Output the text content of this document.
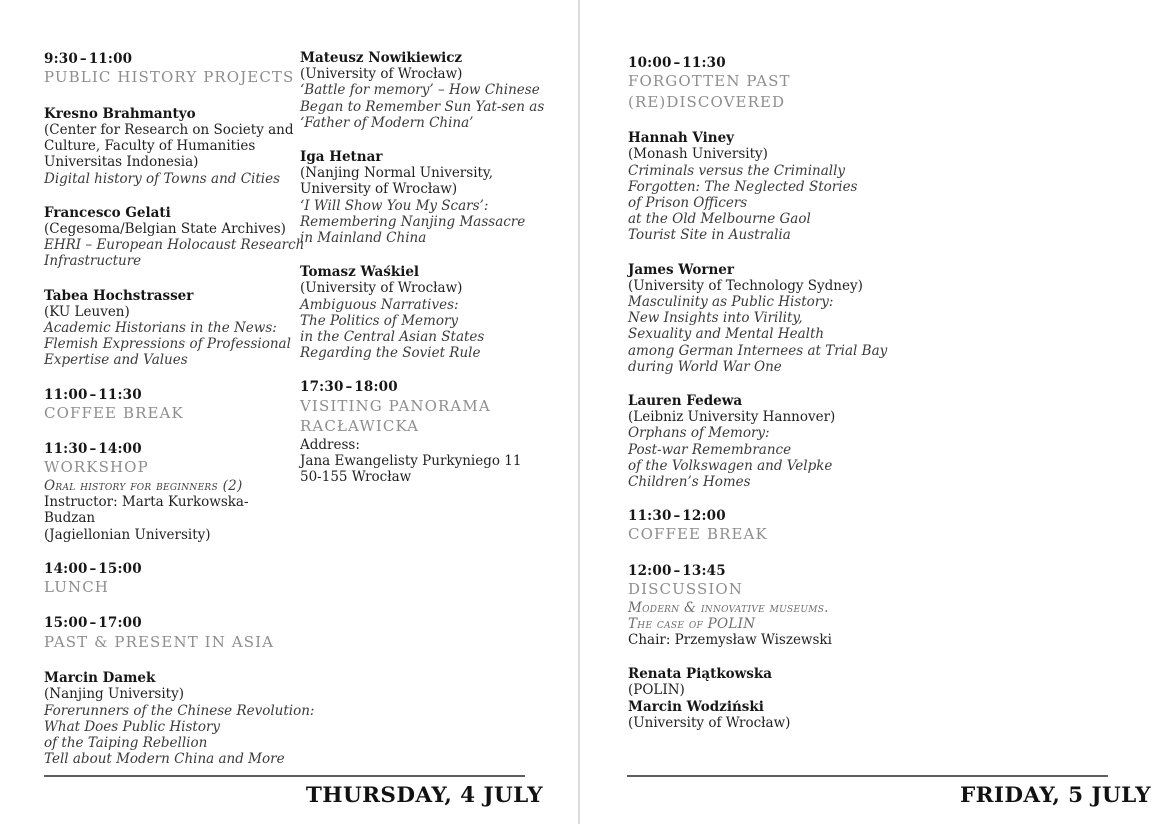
9:30 – 11:00
PUBLIC HISTORY PROJECTS
Kresno Brahmantyo
(Center for Research on Society and
Culture, Faculty of Humanities
Universitas Indonesia)
Digital history of Towns and Cities
Francesco Gelati
(Cegesoma/Belgian State Archives)
EHRI – European Holocaust Research
Infrastructure
Tabea Hochstrasser
(KU Leuven)
Academic Historians in the News:
Flemish Expressions of Professional
Expertise and Values
11:00 – 11:30
COFFEE BREAK
11:30 – 14:00
WORKSHOP
Oral history for beginners (2)
Instructor: Marta Kurkowska-
Budzan
(Jagiellonian University)
14:00 – 15:00
LUNCH
15:00 – 17:00
PAST & PRESENT IN ASIA
Marcin Damek
(Nanjing University)
Forerunners of the Chinese Revolution:
What Does Public History
of the Taiping Rebellion
Tell about Modern China and More
Mateusz Nowikiewicz
(University of Wrocław)
‘Battle for memory’ – How Chinese
Began to Remember Sun Yat-sen as
‘Father of Modern China’
Iga Hetnar
(Nanjing Normal University,
University of Wrocław)
‘I Will Show You My Scars’:
Remembering Nanjing Massacre
in Mainland China
Tomasz Waśkiel
(University of Wrocław)
Ambiguous Narratives:
The Politics of Memory
in the Central Asian States
Regarding the Soviet Rule
17:30 – 18:00
VISITING PANORAMA
RACŁAWICKA
Address:
Jana Ewangelisty Purkyniego 11
50-155 Wrocław
10:00 – 11:30
FORGOTTEN PAST
(RE)DISCOVERED
Hannah Viney
(Monash University)
Criminals versus the Criminally
Forgotten: The Neglected Stories
of Prison Officers
at the Old Melbourne Gaol
Tourist Site in Australia
James Worner
(University of Technology Sydney)
Masculinity as Public History:
New Insights into Virility,
Sexuality and Mental Health
among German Internees at Trial Bay
during World War One
Lauren Fedewa
(Leibniz University Hannover)
Orphans of Memory:
Post-war Remembrance
of the Volkswagen and Velpke
Children’s Homes
11:30 – 12:00
COFFEE BREAK
12:00 – 13:45
DISCUSSION
Modern & innovative museums.
The case of POLIN
Chair: Przemysław Wiszewski
Renata Piątkowska
(POLIN)
Marcin Wodziński
(University of Wrocław)
THURSDAY, 4 JULY	FRIDAY, 5 JULY
